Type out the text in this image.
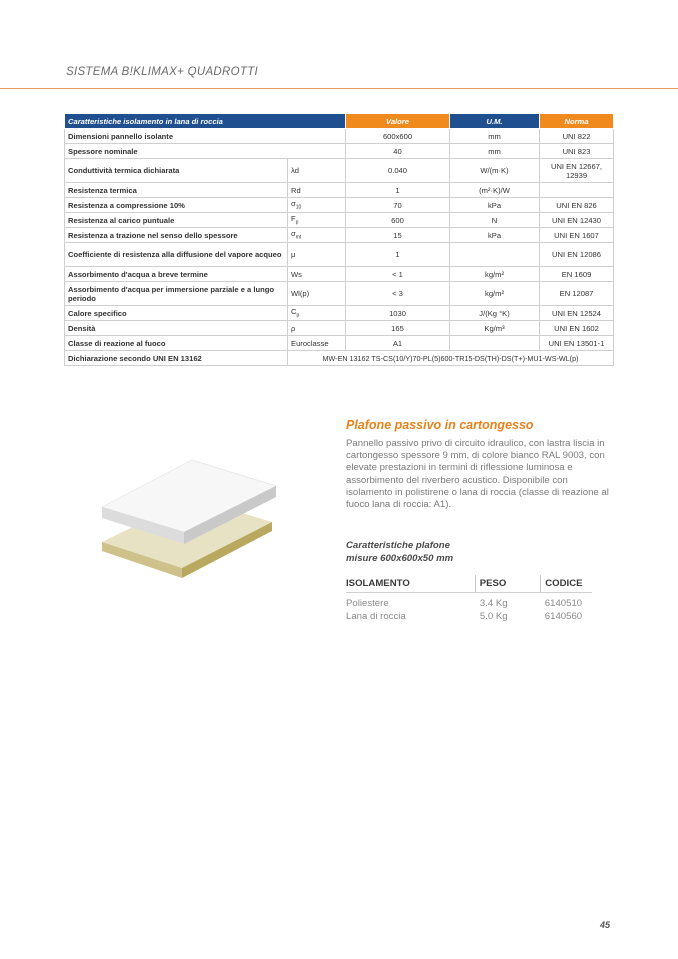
SISTEMA B!KLIMAX+ QUADROTTI
Caratteristiche isolamento in lana di roccia		Valore	U.M.	Norma
Dimensioni pannello isolante		600x600	mm	UNI 822
Spessore nominale		40	mm	UNI 823
Conduttività termica dichiarata	λd	0.040	W/(m·K)	UNI EN 12667, 12939
Resistenza termica	Rd	1	(m²·K)/W	
Resistenza a compressione 10%	$\sigma_{10}$	70	kPa	UNI EN 826
Resistenza al carico puntuale	$F_p$	600	N	UNI EN 12430
Resistenza a trazione nel senso dello spessore	$\sigma_{mt}$	15	kPa	UNI EN 1607
Coefficiente di resistenza alla diffusione del vapore acqueo	μ	1		UNI EN 12086
Assorbimento d'acqua a breve termine	Ws	< 1	kg/m²	EN 1609
Assorbimento d'acqua per immersione parziale e a lungo periodo	Wl(p)	< 3	kg/m²	EN 12087
Calore specifico	$C_p$	1030	J/(Kg °K)	UNI EN 12524
Densità	ρ	165	Kg/m³	UNI EN 1602
Classe di reazione al fuoco	Euroclasse	A1		UNI EN 13501-1
Dichiarazione secondo UNI EN 13162	MW-EN 13162 TS-CS(10/Y)70-PL(5)600-TR15-DS(TH)-DS(T+)-MU1-WS-WL(p)			
Plafone passivo in cartongesso

Pannello passivo privo di circuito idraulico, con lastra liscia in cartongesso spessore 9 mm, di colore bianco RAL 9003, con elevate prestazioni in termini di riflessione luminosa e assorbimento del riverbero acustico. Disponibile con isolamento in polistirene o lana di roccia (classe di reazione al fuoco lana di roccia: A1).

Caratteristiche plafone
misure 600x600x50 mm
ISOLAMENTO	PESO	CODICE
Poliestere	3.4 Kg	6140510
Lana di roccia	5.0 Kg	6140560
45
